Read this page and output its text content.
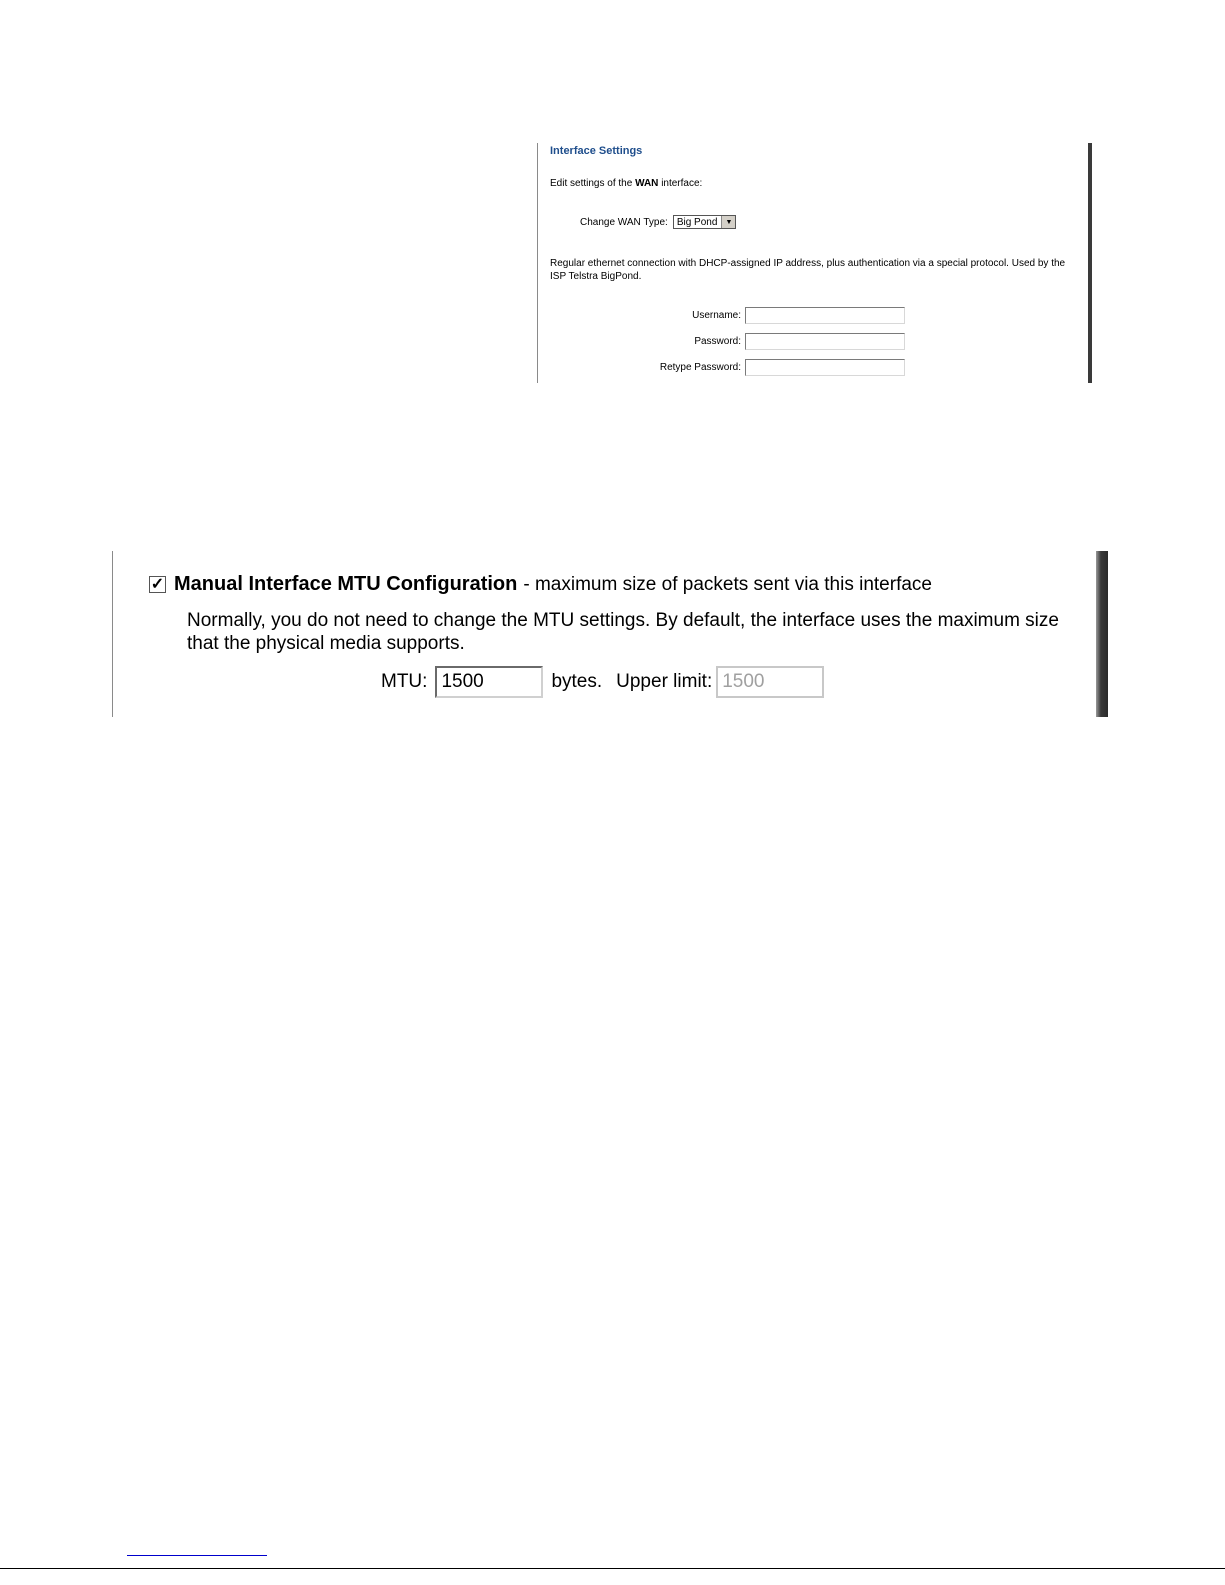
Interface Settings
Edit settings of the WAN interface:
Change WAN Type: Big Pond	▼
Regular ethernet connection with DHCP-assigned IP address, plus authentication via a special protocol. Used by the ISP Telstra BigPond.
Username:
Password:
Retype Password:
✓ Manual Interface MTU Configuration - maximum size of packets sent via this interface
Normally, you do not need to change the MTU settings. By default, the interface uses the maximum size that the physical media supports.
MTU:
1500	bytes. Upper limit:
1500
